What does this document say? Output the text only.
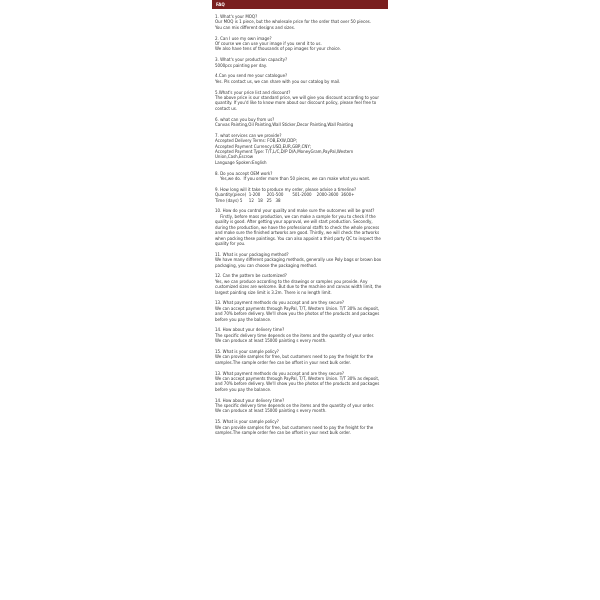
FAQ
1. What's your MOQ?
Our MOQ is 1 piece, but the wholesale price for the order that over 50 pieces.
You can mix different designs and sizes.
2. Can I use my own image?
Of course we can use your image if you send it to us.
We also have tens of thousands of pop images for your choice.
3. What's your production capacity?
5000pcs painting per day.
4.Can you send me your catalogue?
Yes. Pls contact us, we can share with you our catalog by mail.
5.What's your price list and discount?
The above price is our standard price, we will give you discount according to your quantity. If you'd like to know more about our discount policy, please feel free to contact us.
6. what can you buy from us?
Canvas Painting,Oil Painting,Wall Sticker,Decor Painting,Wall Painting
7. what services can we provide?
Accepted Delivery Terms: FOB,EXW,DDP;
Accepted Payment Currency:USD,EUR,GBP,CNY;
Accepted Payment Type: T/T,L/C,D/P D/A,MoneyGram,PayPal,Western Union,Cash,Escrow
Language Spoken:English
8. Do you accept OEM work?
Yes,we do.  If you order more than 50 pieces, we can make what you want.
9. How long will it take to produce my order, please advise a timeline?
Quantity(piece)  1-200     201-500       501-2000    2000-3600  3600+
Time (days) 5     12   18   25   38
10. How do you control your quality and make sure the outcomes will be great?
Firstly, before mass production, we can make a sample for you to check if the quality is good. After getting your approval, we will start production. Secondly, during the production, we have the professional staffs to check the whole process and make sure the finished artworks are good. Thirdly, we will check the artworks when packing these paintings. You can also appoint a third party QC to inspect the quality for you.
11. What is your packaging method?
We have many different packaging methods, generally use Poly bags or brown box packaging, you can choose the packaging method.
12. Can the pattern be customized?
Yes, we can produce according to the drawings or samples you provide. Any customized sizes are welcome. But due to the machine and canvas width limit, the largest painting size limit is 3.2m. There is no length limit.
13. What payment methods do you accept and are they secure?
We can accept payments through PayPal, T/T, Western Union. T/T 30% as deposit, and 70% before delivery. We'll show you the photos of the products and packages before you pay the balance.
14. How about your delivery time?
The specific delivery time depends on the items and the quantity of your order.
We can produce at least 15000 painting s every month.
15. What is your sample policy?
We can provide samples for free, but customers need to pay the freight for the samples.The sample order fee can be offset in your next bulk order.
13. What payment methods do you accept and are they secure?
We can accept payments through PayPal, T/T, Western Union. T/T 30% as deposit, and 70% before delivery. We'll show you the photos of the products and packages before you pay the balance.
14. How about your delivery time?
The specific delivery time depends on the items and the quantity of your order.
We can produce at least 15000 painting s every month.
15. What is your sample policy?
We can provide samples for free, but customers need to pay the freight for the samples.The sample order fee can be offset in your next bulk order.
